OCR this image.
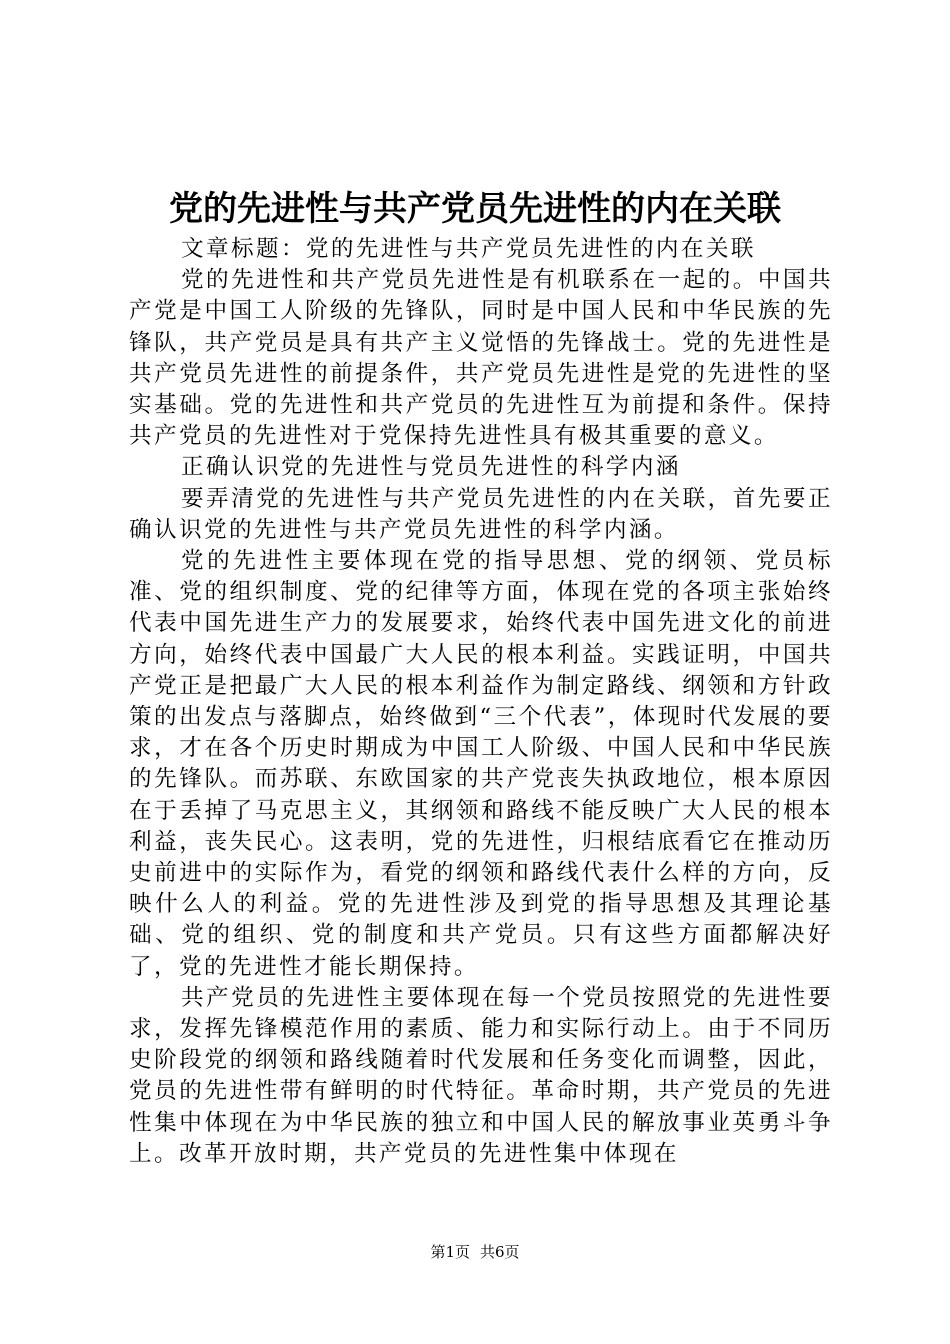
党的先进性与共产党员先进性的内在关联

文章标题：党的先进性与共产党员先进性的内在关联

党的先进性和共产党员先进性是有机联系在一起的。中国共产党是中国工人阶级的先锋队，同时是中国人民和中华民族的先锋队，共产党员是具有共产主义觉悟的先锋战士。党的先进性是共产党员先进性的前提条件，共产党员先进性是党的先进性的坚实基础。党的先进性和共产党员的先进性互为前提和条件。保持共产党员的先进性对于党保持先进性具有极其重要的意义。

正确认识党的先进性与党员先进性的科学内涵

要弄清党的先进性与共产党员先进性的内在关联，首先要正确认识党的先进性与共产党员先进性的科学内涵。

党的先进性主要体现在党的指导思想、党的纲领、党员标准、党的组织制度、党的纪律等方面，体现在党的各项主张始终代表中国先进生产力的发展要求，始终代表中国先进文化的前进方向，始终代表中国最广大人民的根本利益。实践证明，中国共产党正是把最广大人民的根本利益作为制定路线、纲领和方针政策的出发点与落脚点，始终做到“三个代表”，体现时代发展的要求，才在各个历史时期成为中国工人阶级、中国人民和中华民族的先锋队。而苏联、东欧国家的共产党丧失执政地位，根本原因在于丢掉了马克思主义，其纲领和路线不能反映广大人民的根本利益，丧失民心。这表明，党的先进性，归根结底看它在推动历史前进中的实际作为，看党的纲领和路线代表什么样的方向，反映什么人的利益。党的先进性涉及到党的指导思想及其理论基础、党的组织、党的制度和共产党员。只有这些方面都解决好了，党的先进性才能长期保持。

共产党员的先进性主要体现在每一个党员按照党的先进性要求，发挥先锋模范作用的素质、能力和实际行动上。由于不同历史阶段党的纲领和路线随着时代发展和任务变化而调整，因此，党员的先进性带有鲜明的时代特征。革命时期，共产党员的先进性集中体现在为中华民族的独立和中国人民的解放事业英勇斗争上。改革开放时期，共产党员的先进性集中体现在

第1页 共6页
